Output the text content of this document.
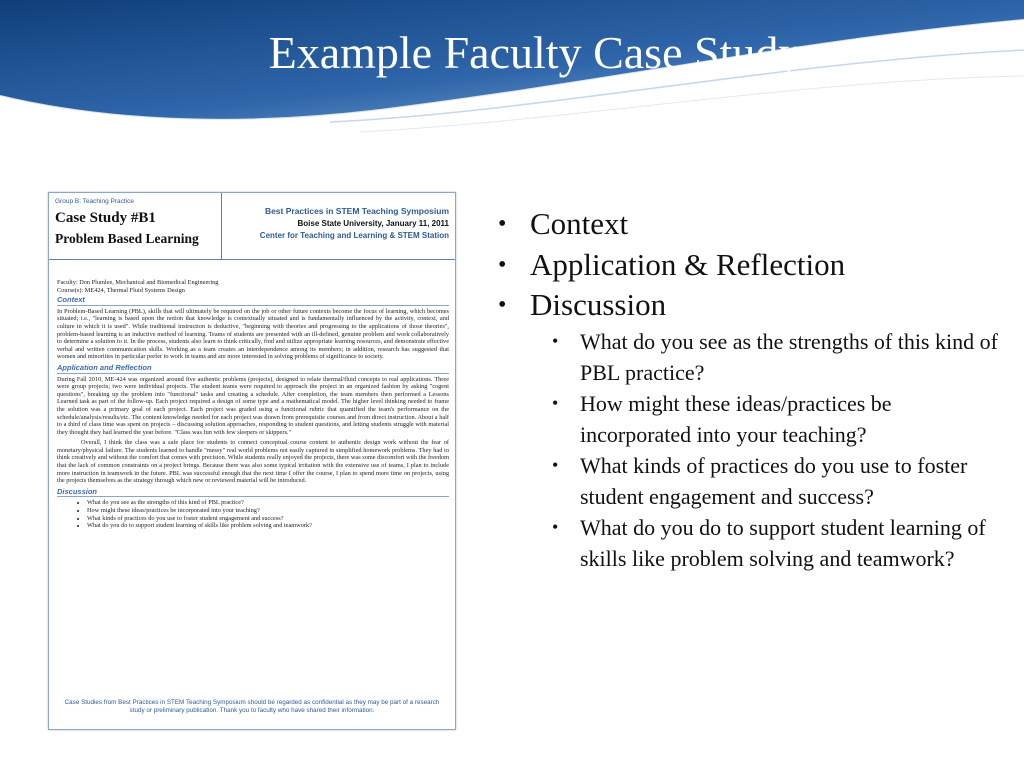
Example Faculty Case Study
Group B: Teaching Practice
Case Study #B1
Problem Based Learning
Best Practices in STEM Teaching Symposium
Boise State University, January 11, 2011
Center for Teaching and Learning & STEM Station
Faculty: Don Plumlee, Mechanical and Biomedical Engineering
Course(s): ME424, Thermal Fluid Systems Design
Context
In Problem-Based Learning (PBL), skills that will ultimately be required on the job or other future contexts become the focus of learning, which becomes situated; i.e., "learning is based upon the notion that knowledge is contextually situated and is fundamentally influenced by the activity, context, and culture in which it is used". While traditional instruction is deductive, "beginning with theories and progressing to the applications of those theories", problem-based learning is an inductive method of learning. Teams of students are presented with an ill-defined, genuine problem and work collaboratively to determine a solution to it. In the process, students also learn to think critically, find and utilize appropriate learning resources, and demonstrate effective verbal and written communication skills. Working as a team creates an interdependence among its members; in addition, research has suggested that women and minorities in particular prefer to work in teams and are more interested in solving problems of significance to society.
Application and Reflection
During Fall 2010, ME-424 was organized around five authentic problems (projects), designed to relate thermal/fluid concepts to real applications. Three were group projects; two were individual projects. The student teams were required to approach the project in an organized fashion by asking "cogent questions", breaking up the problem into "functional" tasks and creating a schedule. After completion, the team members then performed a Lessons Learned task as part of the follow-up. Each project required a design of some type and a mathematical model. The higher level thinking needed to frame the solution was a primary goal of each project. Each project was graded using a functional rubric that quantified the team's performance on the schedule/analysis/results/etc. The content knowledge needed for each project was drawn from prerequisite courses and from direct instruction. About a half to a third of class time was spent on projects – discussing solution approaches, responding to student questions, and letting students struggle with material they thought they had learned the year before. "Class was fun with few sleepers or skippers."
Overall, I think the class was a safe place for students to connect conceptual course content to authentic design work without the fear of monetary/physical failure. The students learned to handle "messy" real world problems not easily captured in simplified homework problems. They had to think creatively and without the comfort that comes with precision. While students really enjoyed the projects, there was some discomfort with the freedom that the lack of common constraints on a project brings. Because there was also some typical irritation with the extensive use of teams, I plan to include more instruction in teamwork in the future. PBL was successful enough that the next time I offer the course, I plan to spend more time on projects, using the projects themselves as the strategy through which new or reviewed material will be introduced.
Discussion
• What do you see as the strengths of this kind of PBL practice?
• How might these ideas/practices be incorporated into your teaching?
• What kinds of practices do you use to foster student engagement and success?
• What do you do to support student learning of skills like problem solving and teamwork?
Case Studies from Best Practices in STEM Teaching Symposium should be regarded as confidential as they may be part of a research study or preliminary publication. Thank you to faculty who have shared their information.
• Context
• Application & Reflection
• Discussion
• What do you see as the strengths of this kind of PBL practice?
• How might these ideas/practices be incorporated into your teaching?
• What kinds of practices do you use to foster student engagement and success?
• What do you do to support student learning of skills like problem solving and teamwork?
